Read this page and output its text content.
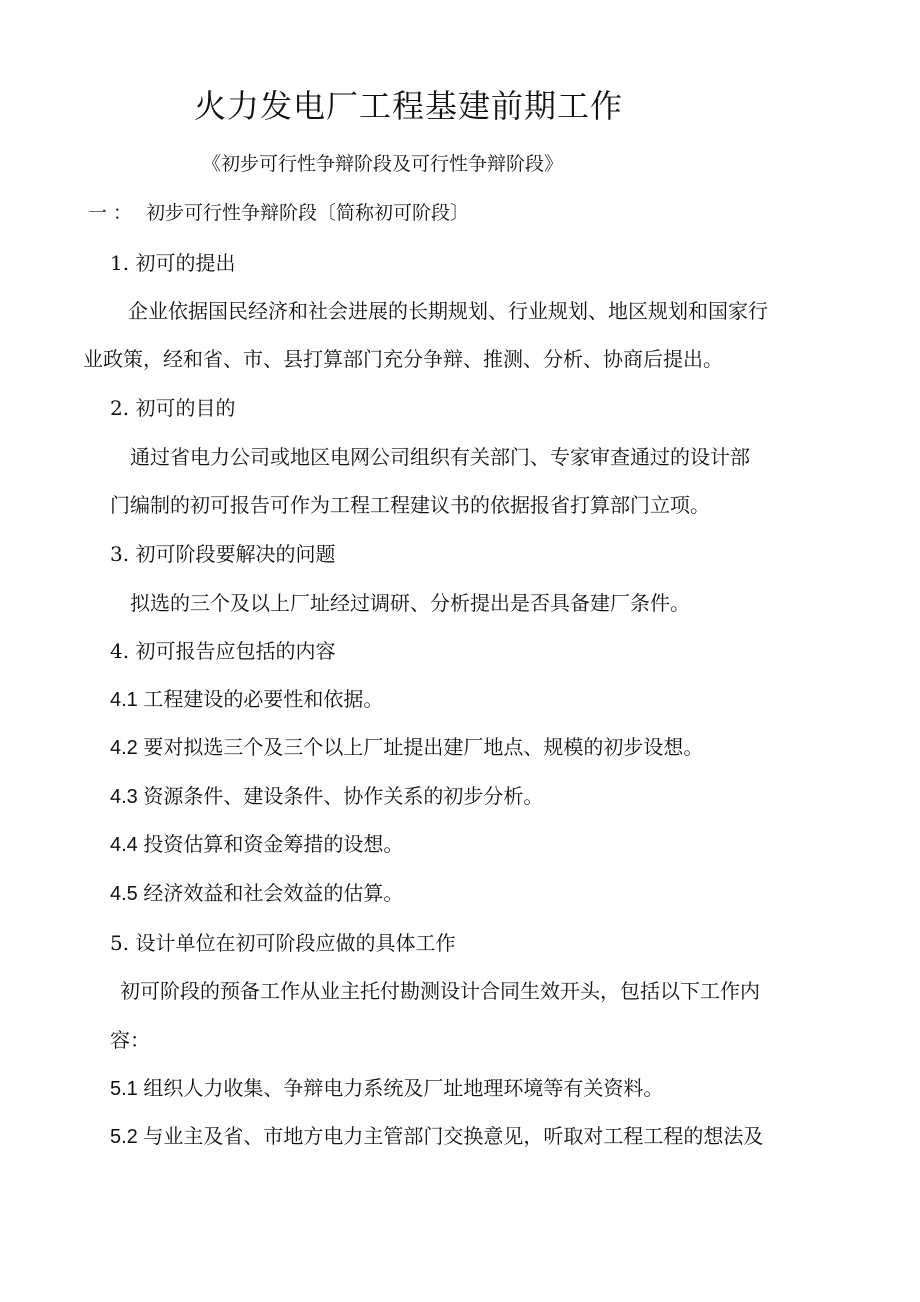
火力发电厂工程基建前期工作
《初步可行性争辩阶段及可行性争辩阶段》
一 ： 初步可行性争辩阶段〔简称初可阶段〕
1. 初可的提出
企业依据国民经济和社会进展的长期规划、行业规划、地区规划和国家行
业政策，经和省、市、县打算部门充分争辩、推测、分析、协商后提出。
2. 初可的目的
通过省电力公司或地区电网公司组织有关部门、专家审查通过的设计部
门编制的初可报告可作为工程工程建议书的依据报省打算部门立项。
3. 初可阶段要解决的问题
拟选的三个及以上厂址经过调研、分析提出是否具备建厂条件。
4. 初可报告应包括的内容
4.1 工程建设的必要性和依据。
4.2 要对拟选三个及三个以上厂址提出建厂地点、规模的初步设想。
4.3 资源条件、建设条件、协作关系的初步分析。
4.4 投资估算和资金筹措的设想。
4.5 经济效益和社会效益的估算。
5. 设计单位在初可阶段应做的具体工作
初可阶段的预备工作从业主托付勘测设计合同生效开头，包括以下工作内
容：
5.1 组织人力收集、争辩电力系统及厂址地理环境等有关资料。
5.2 与业主及省、市地方电力主管部门交换意见，听取对工程工程的想法及
